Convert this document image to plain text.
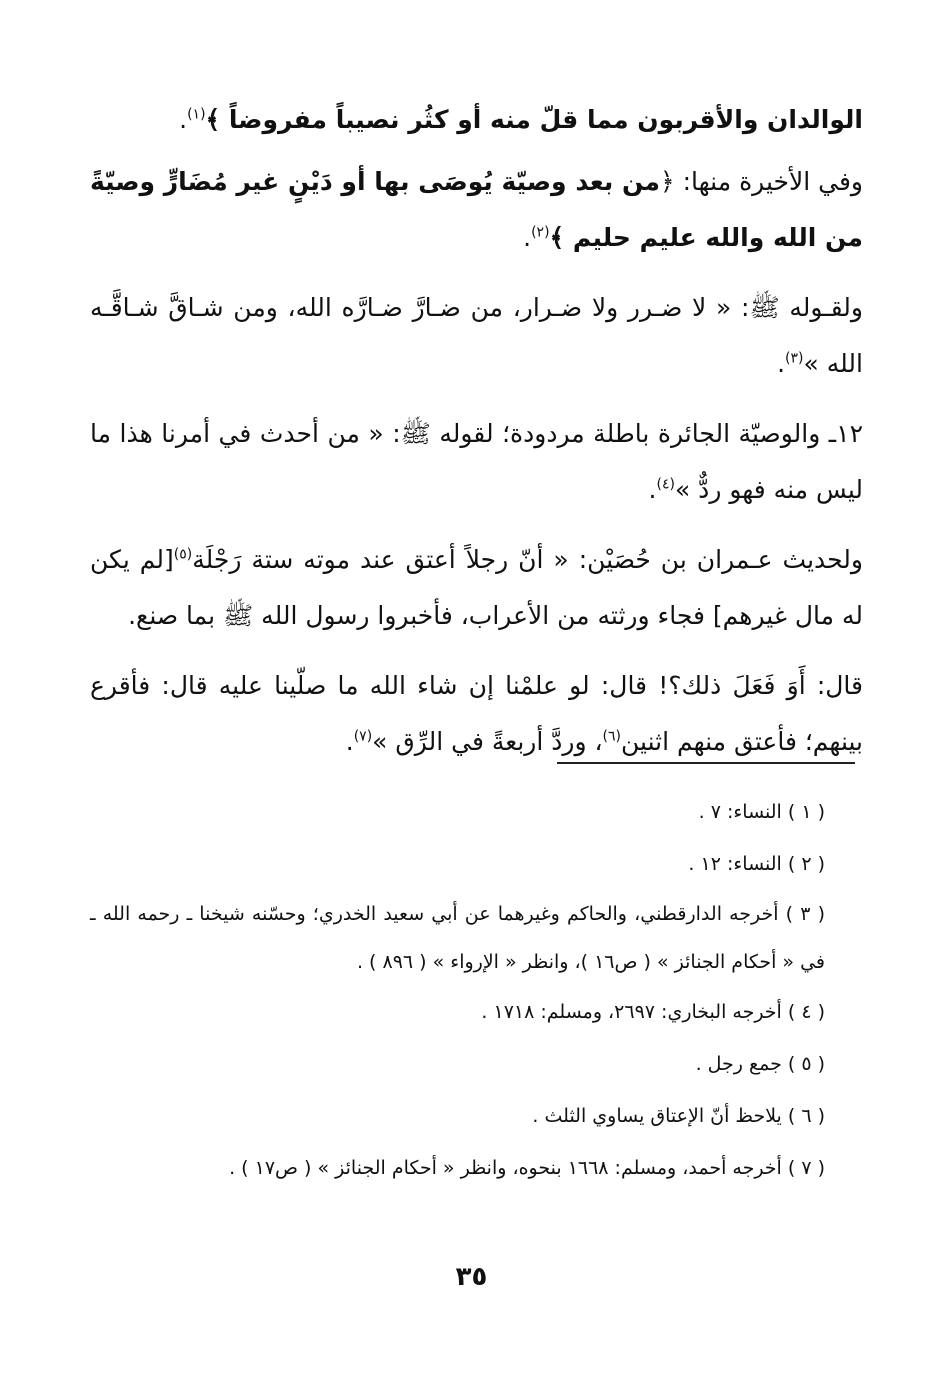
الوالدان والأقربون مما قلّ منه أو كثُر نصيباً مفروضاً ﴾$^{(١)}$.

وفي الأخيرة منها: ﴿من بعد وصيّة يُوصَى بها أو دَيْنٍ غير مُضَارٍّ وصيّةً من الله والله عليم حليم ﴾$^{(٢)}$.

ولقـوله ﷺ: « لا ضـرر ولا ضـرار، من ضـارَّ ضـارَّه الله، ومن شـاقَّ شـاقَّـه الله »$^{(٣)}$.

١٢ـ والوصيّة الجائرة باطلة مردودة؛ لقوله ﷺ: « من أحدث في أمرنا هذا ما ليس منه فهو ردٌّ »$^{(٤)}$.

ولحديث عـمران بن حُصَيْن: « أنّ رجلاً أعتق عند موته ستة رَجْلَة$^{(٥)}$[لم يكن له مال غيرهم] فجاء ورثته من الأعراب، فأخبروا رسول الله ﷺ بما صنع.

قال: أَوَ فَعَلَ ذلك؟! قال: لو علمْنا إن شاء الله ما صلّينا عليه قال: فأقرع بينهم؛ فأعتق منهم اثنين$^{(٦)}$، وردَّ أربعةً في الرِّق »$^{(٧)}$.

( ١ ) النساء: ٧ .

( ٢ ) النساء: ١٢ .

( ٣ ) أخرجه الدارقطني، والحاكم وغيرهما عن أبي سعيد الخدري؛ وحسّنه شيخنا ـ رحمه الله ـ في « أحكام الجنائز » ( ص١٦ )، وانظر « الإرواء » ( ٨٩٦ ) .

( ٤ ) أخرجه البخاري: ٢٦٩٧، ومسلم: ١٧١٨ .

( ٥ ) جمع رجل .

( ٦ ) يلاحظ أنّ الإعتاق يساوي الثلث .

( ٧ ) أخرجه أحمد، ومسلم: ١٦٦٨ بنحوه، وانظر « أحكام الجنائز » ( ص١٧ ) .

٣٥
